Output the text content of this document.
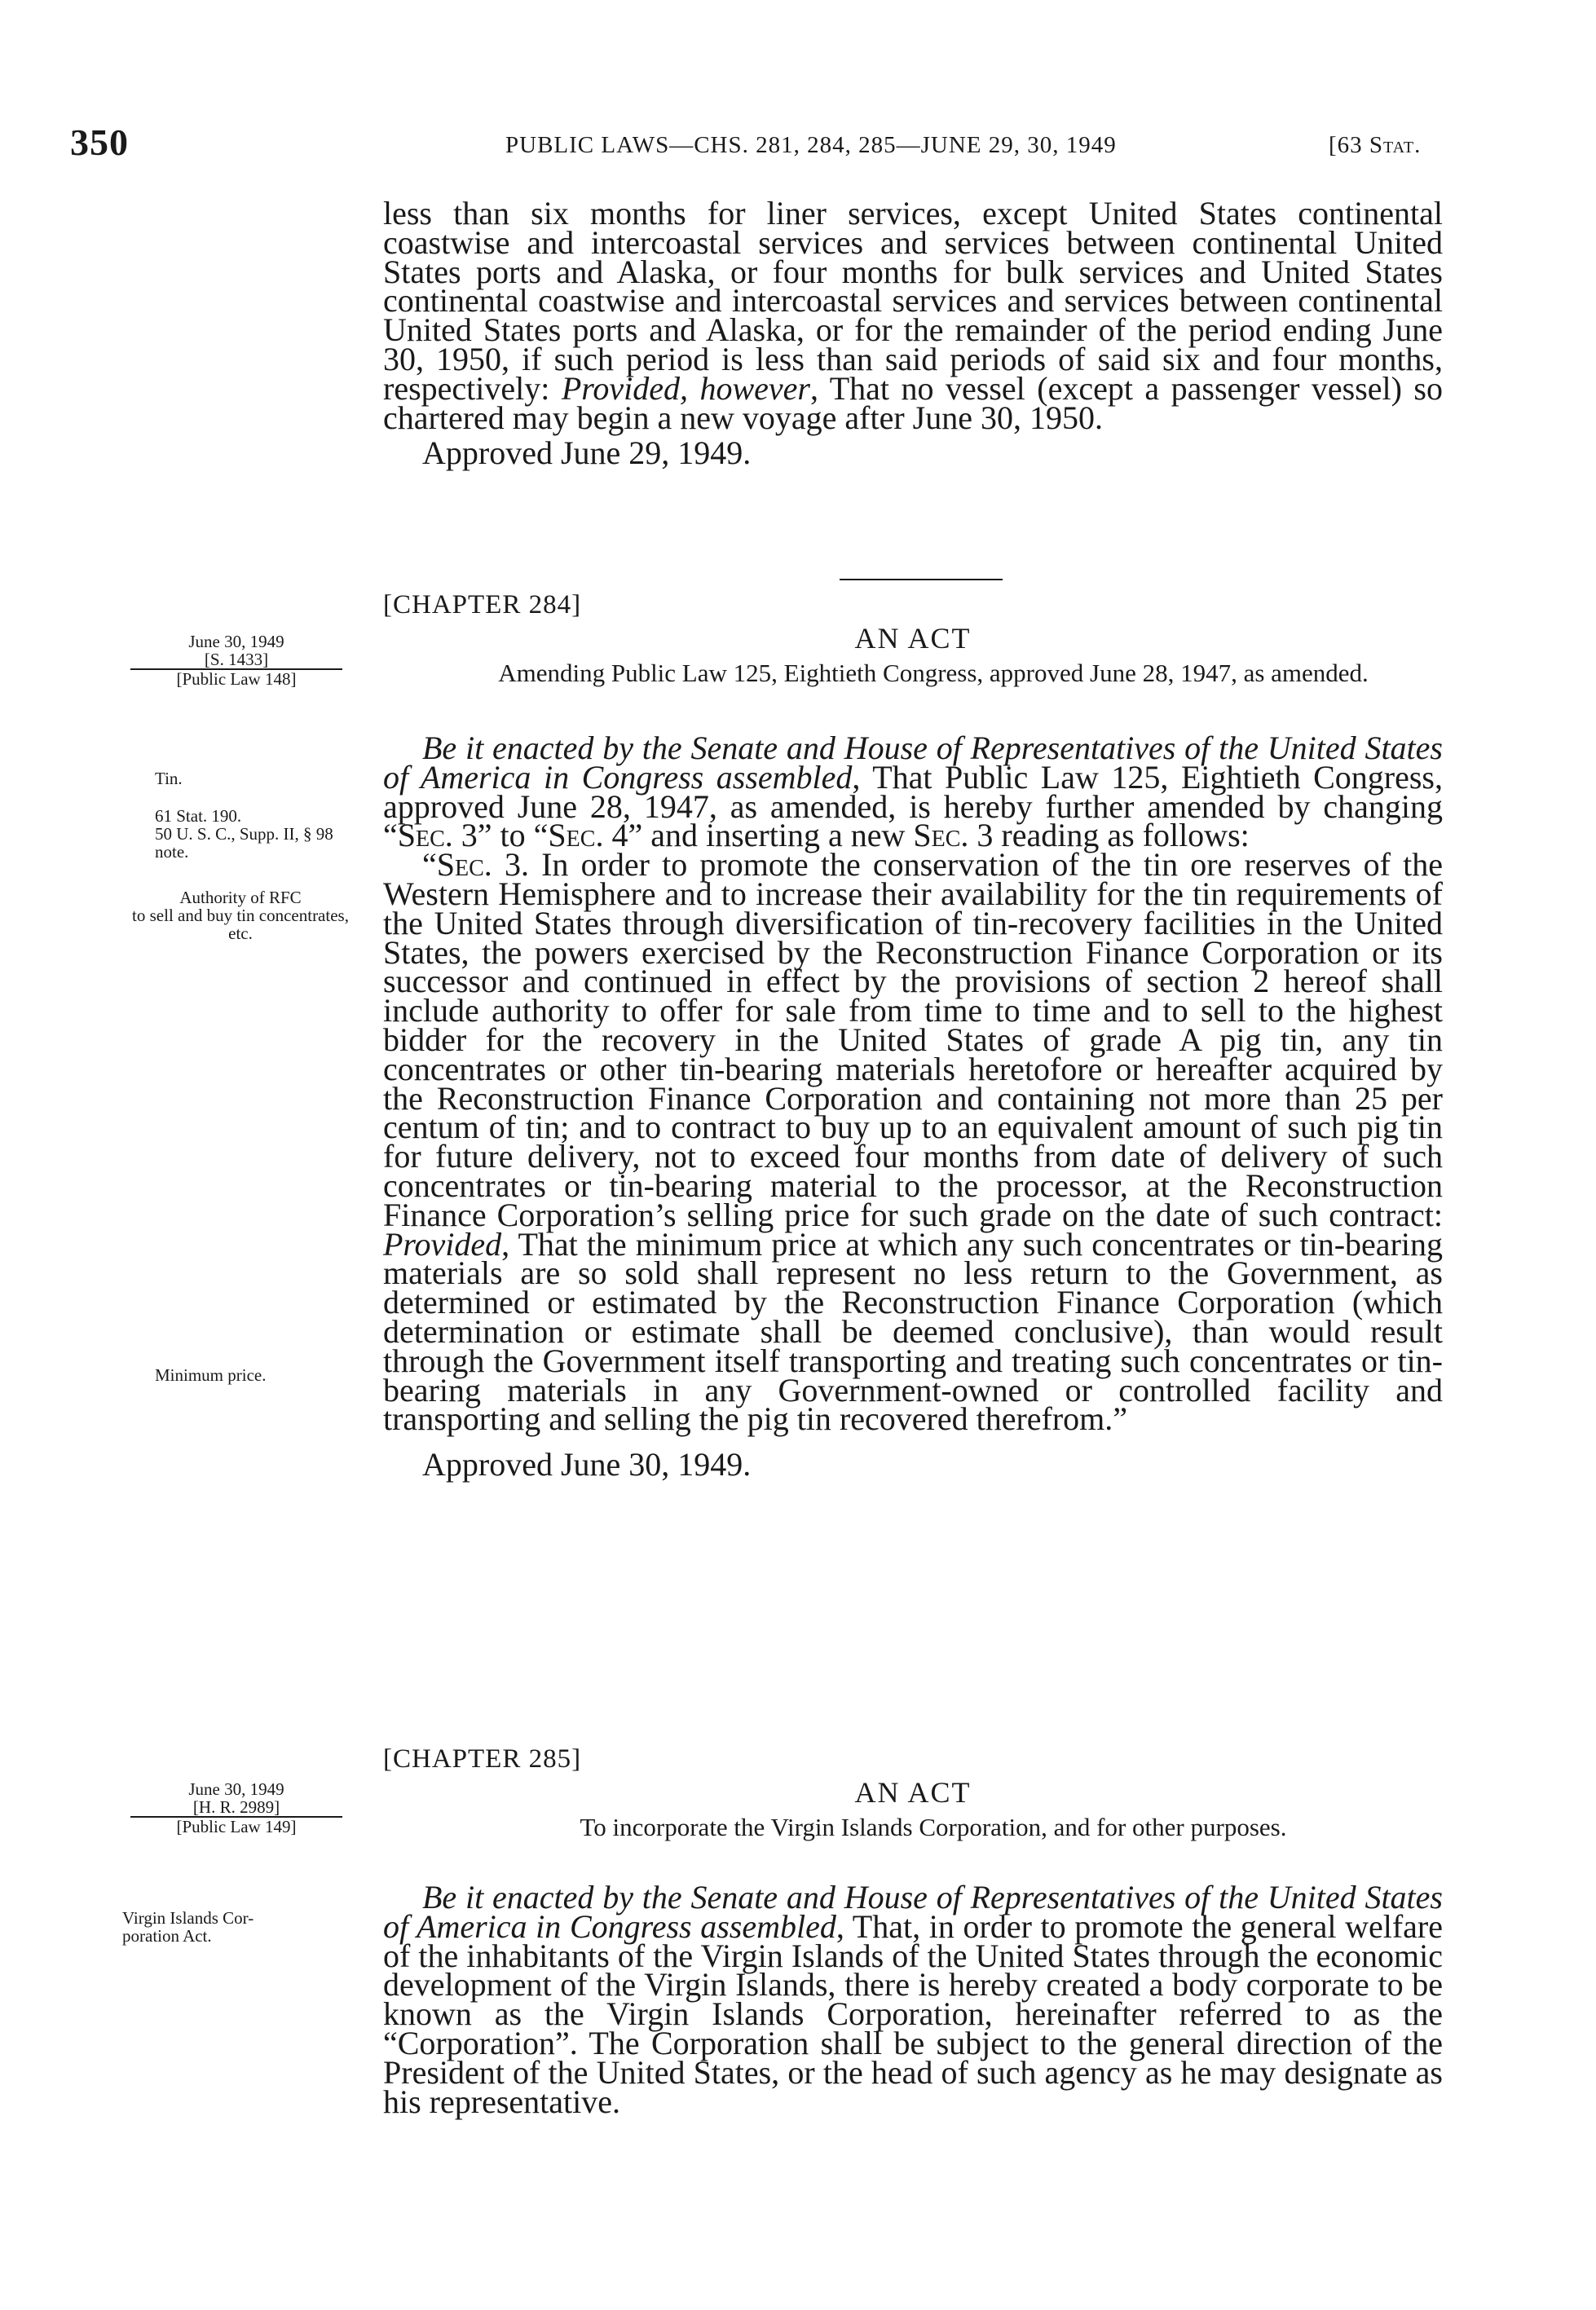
350	PUBLIC LAWS—CHS. 281, 284, 285—JUNE 29, 30, 1949	[63 Stat.

less than six months for liner services, except United States continental coastwise and intercoastal services and services between continental United States ports and Alaska, or four months for bulk services and United States continental coastwise and intercoastal services and services between continental United States ports and Alaska, or for the remainder of the period ending June 30, 1950, if such period is less than said periods of said six and four months, respectively: Provided, however, That no vessel (except a passenger vessel) so chartered may begin a new voyage after June 30, 1950.

Approved June 29, 1949.

[CHAPTER 284]
AN ACT
Amending Public Law 125, Eightieth Congress, approved June 28, 1947, as amended.
June 30, 1949
[S. 1433]
[Public Law 148]
Tin.
61 Stat. 190.
50 U. S. C., Supp. II, § 98 note.
Authority of RFC
to sell and buy tin concentrates, etc.
Minimum price.

Be it enacted by the Senate and House of Representatives of the United States of America in Congress assembled, That Public Law 125, Eightieth Congress, approved June 28, 1947, as amended, is hereby further amended by changing “Sec. 3” to “Sec. 4” and inserting a new Sec. 3 reading as follows:

“Sec. 3. In order to promote the conservation of the tin ore reserves of the Western Hemisphere and to increase their availability for the tin requirements of the United States through diversification of tin-recovery facilities in the United States, the powers exercised by the Reconstruction Finance Corporation or its successor and continued in effect by the provisions of section 2 hereof shall include authority to offer for sale from time to time and to sell to the highest bidder for the recovery in the United States of grade A pig tin, any tin concentrates or other tin-bearing materials heretofore or hereafter acquired by the Reconstruction Finance Corporation and containing not more than 25 per centum of tin; and to contract to buy up to an equivalent amount of such pig tin for future delivery, not to exceed four months from date of delivery of such concentrates or tin-bearing material to the processor, at the Reconstruction Finance Corporation’s selling price for such grade on the date of such contract: Provided, That the minimum price at which any such concentrates or tin-bearing materials are so sold shall represent no less return to the Government, as determined or estimated by the Reconstruction Finance Corporation (which determination or estimate shall be deemed conclusive), than would result through the Government itself transporting and treating such concentrates or tin-bearing materials in any Government-owned or controlled facility and transporting and selling the pig tin recovered therefrom.”

Approved June 30, 1949.

[CHAPTER 285]
AN ACT
To incorporate the Virgin Islands Corporation, and for other purposes.
June 30, 1949
[H. R. 2989]
[Public Law 149]
Virgin Islands Cor-
poration Act.

Be it enacted by the Senate and House of Representatives of the United States of America in Congress assembled, That, in order to promote the general welfare of the inhabitants of the Virgin Islands of the United States through the economic development of the Virgin Islands, there is hereby created a body corporate to be known as the Virgin Islands Corporation, hereinafter referred to as the “Corporation”. The Corporation shall be subject to the general direction of the President of the United States, or the head of such agency as he may designate as his representative.
